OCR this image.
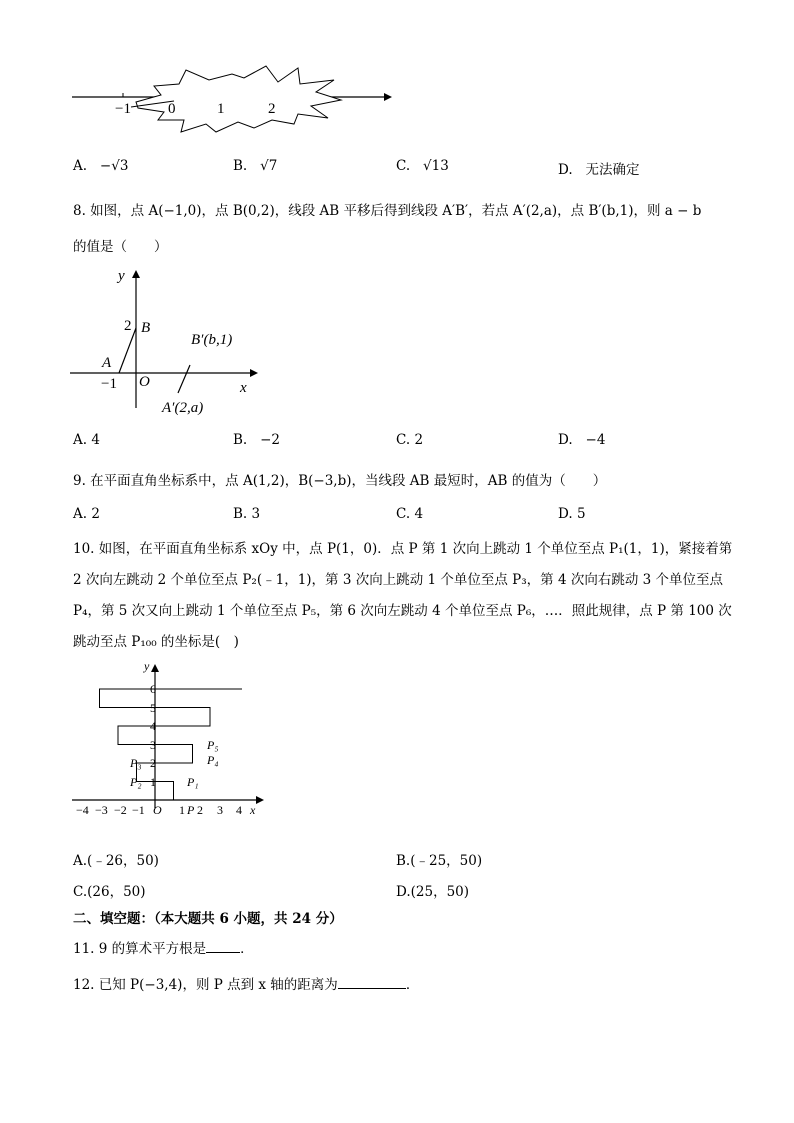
−1 0	1	2
A. −√3	B. √7	C. √13	D. 无法确定
8. 如图，点 A(−1,0)，点 B(0,2)，线段 AB 平移后得到线段 A′B′，若点 A′(2,a)，点 B′(b,1)，则 a − b
的值是（　　）
y
x
2 B
A
−1 O
B′(b,1)
A′(2,a)
A. 4	B. −2	C. 2	D. −4
9. 在平面直角坐标系中，点 A(1,2)，B(−3,b)，当线段 AB 最短时，AB 的值为（　　）
A. 2	B. 3	C. 4	D. 5
10. 如图，在平面直角坐标系 xOy 中，点 P(1，0)．点 P 第 1 次向上跳动 1 个单位至点 P₁(1，1)，紧接着第
2 次向左跳动 2 个单位至点 P₂(﹣1，1)，第 3 次向上跳动 1 个单位至点 P₃，第 4 次向右跳动 3 个单位至点
P₄，第 5 次又向上跳动 1 个单位至点 P₅，第 6 次向左跳动 4 个单位至点 P₆，…．照此规律，点 P 第 100 次
跳动至点 P₁₀₀ 的坐标是(　)
6
5
4
3
2
1
y
−4 −3 −2 −1 O 1 P 2 3 4 x
P₁
P₂
P₃	P₄
P₅
A.(﹣26，50)	B.(﹣25，50)
C.(26，50)	D.(25，50)
二、填空题：（本大题共 6 小题，共 24 分）
11. 9 的算术平方根是	．
12. 已知 P(−3,4)，则 P 点到 x 轴的距离为	．
